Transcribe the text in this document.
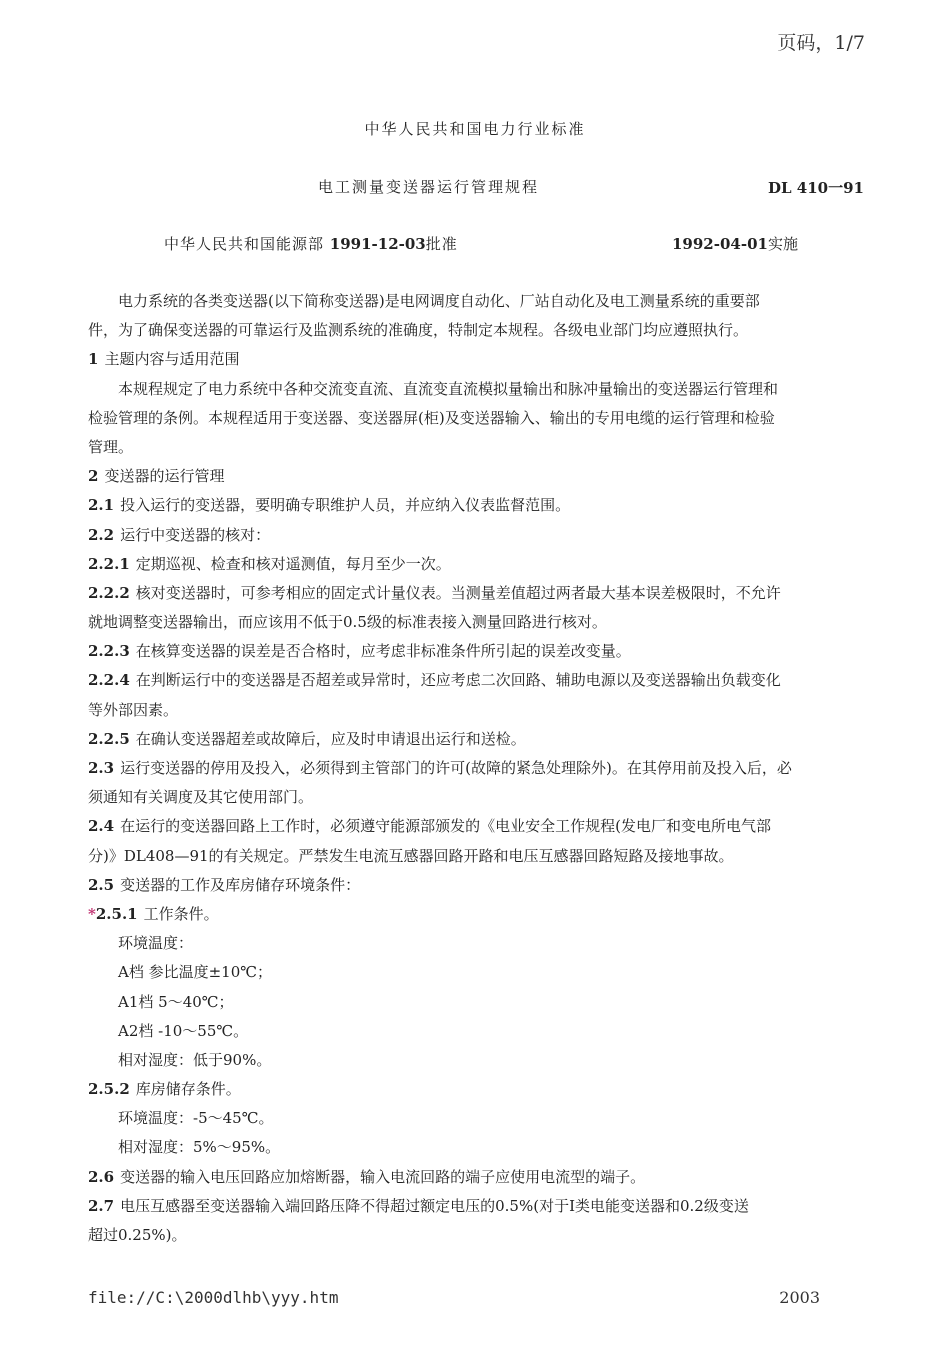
页码，1/7
中华人民共和国电力行业标准
电工测量变送器运行管理规程	DL 410一91
中华人民共和国能源部 1991-12-03批准	1992-04-01实施
电力系统的各类变送器(以下简称变送器)是电网调度自动化、厂站自动化及电工测量系统的重要部
件，为了确保变送器的可靠运行及监测系统的准确度，特制定本规程。各级电业部门均应遵照执行。
1 主题内容与适用范围
本规程规定了电力系统中各种交流变直流、直流变直流模拟量输出和脉冲量输出的变送器运行管理和
检验管理的条例。本规程适用于变送器、变送器屏(柜)及变送器输入、输出的专用电缆的运行管理和检验
管理。
2 变送器的运行管理
2.1 投入运行的变送器，要明确专职维护人员，并应纳入仪表监督范围。
2.2 运行中变送器的核对：
2.2.1 定期巡视、检查和核对遥测值，每月至少一次。
2.2.2 核对变送器时，可参考相应的固定式计量仪表。当测量差值超过两者最大基本误差极限时，不允许
就地调整变送器输出，而应该用不低于0.5级的标准表接入测量回路进行核对。
2.2.3 在核算变送器的误差是否合格时，应考虑非标准条件所引起的误差改变量。
2.2.4 在判断运行中的变送器是否超差或异常时，还应考虑二次回路、辅助电源以及变送器输出负载变化
等外部因素。
2.2.5 在确认变送器超差或故障后，应及时申请退出运行和送检。
2.3 运行变送器的停用及投入，必须得到主管部门的许可(故障的紧急处理除外)。在其停用前及投入后，必
须通知有关调度及其它使用部门。
2.4 在运行的变送器回路上工作时，必须遵守能源部颁发的《电业安全工作规程(发电厂和变电所电气部
分)》DL408—91的有关规定。严禁发生电流互感器回路开路和电压互感器回路短路及接地事故。
2.5 变送器的工作及库房储存环境条件：
*2.5.1 工作条件。
环境温度：
A档 参比温度±10℃；
A1档 5～40℃；
A2档 -10～55℃。
相对湿度：低于90%。
2.5.2 库房储存条件。
环境温度：-5～45℃。
相对湿度：5%～95%。
2.6 变送器的输入电压回路应加熔断器，输入电流回路的端子应使用电流型的端子。
2.7 电压互感器至变送器输入端回路压降不得超过额定电压的0.5%(对于Ⅰ类电能变送器和0.2级变送
超过0.25%)。
file://C:\2000dlhb\yyy.htm	2003
